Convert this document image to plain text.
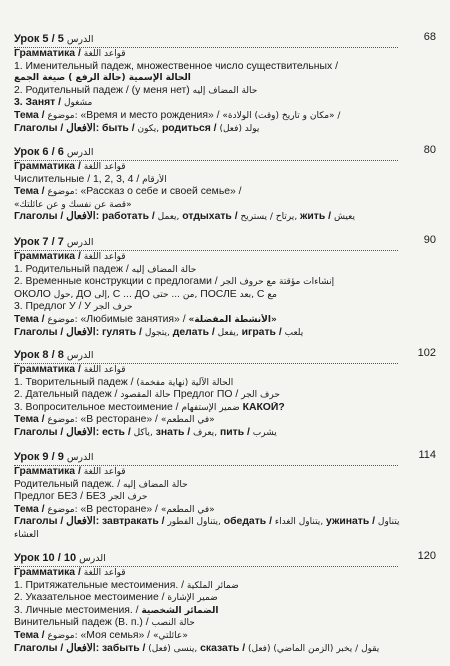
Урок 5 / 5 الدرس	68
Грамматика / قواعد اللغة
1. Именительный падеж, множественное число существительных /
الحالة الإسمية (حالة الرفع ) صيغة الجمع
2. Родительный падеж / (у меня нет) حالة المضاف إليه
3. Занят / مشغول
Тема / موضوع: «Время и место рождения» / «مكان و تاريخ (وقت) الولادة» /
Глаголы / الأفعال: быть / يكون, родиться / يولد (فعل)
Урок 6 / 6 الدرس	80
Грамматика / قواعد اللغة
Числительные / 1, 2, 3, 4 / الأرقام
Тема / موضوع: «Рассказ о себе и своей семье» /
«قصة عن نفسك و عن عائلتك»
Глаголы / الأفعال: работать / يعمل, отдыхать / يرتاح / يستريح, жить / يعيش
Урок 7 / 7 الدرس	90
Грамматика / قواعد اللغة
1. Родительный падеж / حالة المضاف إليه
2. Временные конструкции с предлогами / إنشاءات مؤقتة مع حروف الجر
ОКОЛО حول, ДО إلى, С ... ДО من ... حتى, ПОСЛЕ بعد, С مع
3. Предлог У / У حرف الجر
Тема / موضوع: «Любимые занятия» / «الأنشطة المفضلة»
Глаголы / الأفعال: гулять / يتجول, делать / يفعل, играть / يلعب
Урок 8 / 8 الدرس	102
Грамматика / قواعد اللغة
1. Творительный падеж / الحالة الآلية (نهاية مفخمة)
2. Дательный падеж / حالة المقصود Предлог ПО / حرف الجر
3. Вопросительное местоимение / ضمير الإستفهام КАКОЙ?
Тема / موضوع: «В ресторане» / «في المطعم»
Глаголы / الأفعال: есть / يأكل, знать / يعرف, пить / يشرب
Урок 9 / 9 الدرس	114
Грамматика / قواعد اللغة
Родительный падеж. / حالة المضاف إليه
Предлог БЕЗ / БЕЗ حرف الجر
Тема / موضوع: «В ресторане» / «في المطعم»
Глаголы / الأفعال: завтракать / يتناول الفطور, обедать / يتناول الغداء, ужинать / يتناول
العشاء
Урок 10 / 10 الدرس	120
Грамматика / قواعد اللغة
1. Притяжательные местоимения. / ضمائر الملكية
2. Указательное местоимение / ضمير الإشارة
3. Личные местоимения. / الضمائر الشخصية
Винительный падеж (В. п.) / حالة النصب
Тема / موضوع: «Моя семья» / «عائلتي»
Глаголы / الأفعال: забыть / (فعل) ينسى, сказать / (فعل) يقول / يخبر (الزمن الماضي)
